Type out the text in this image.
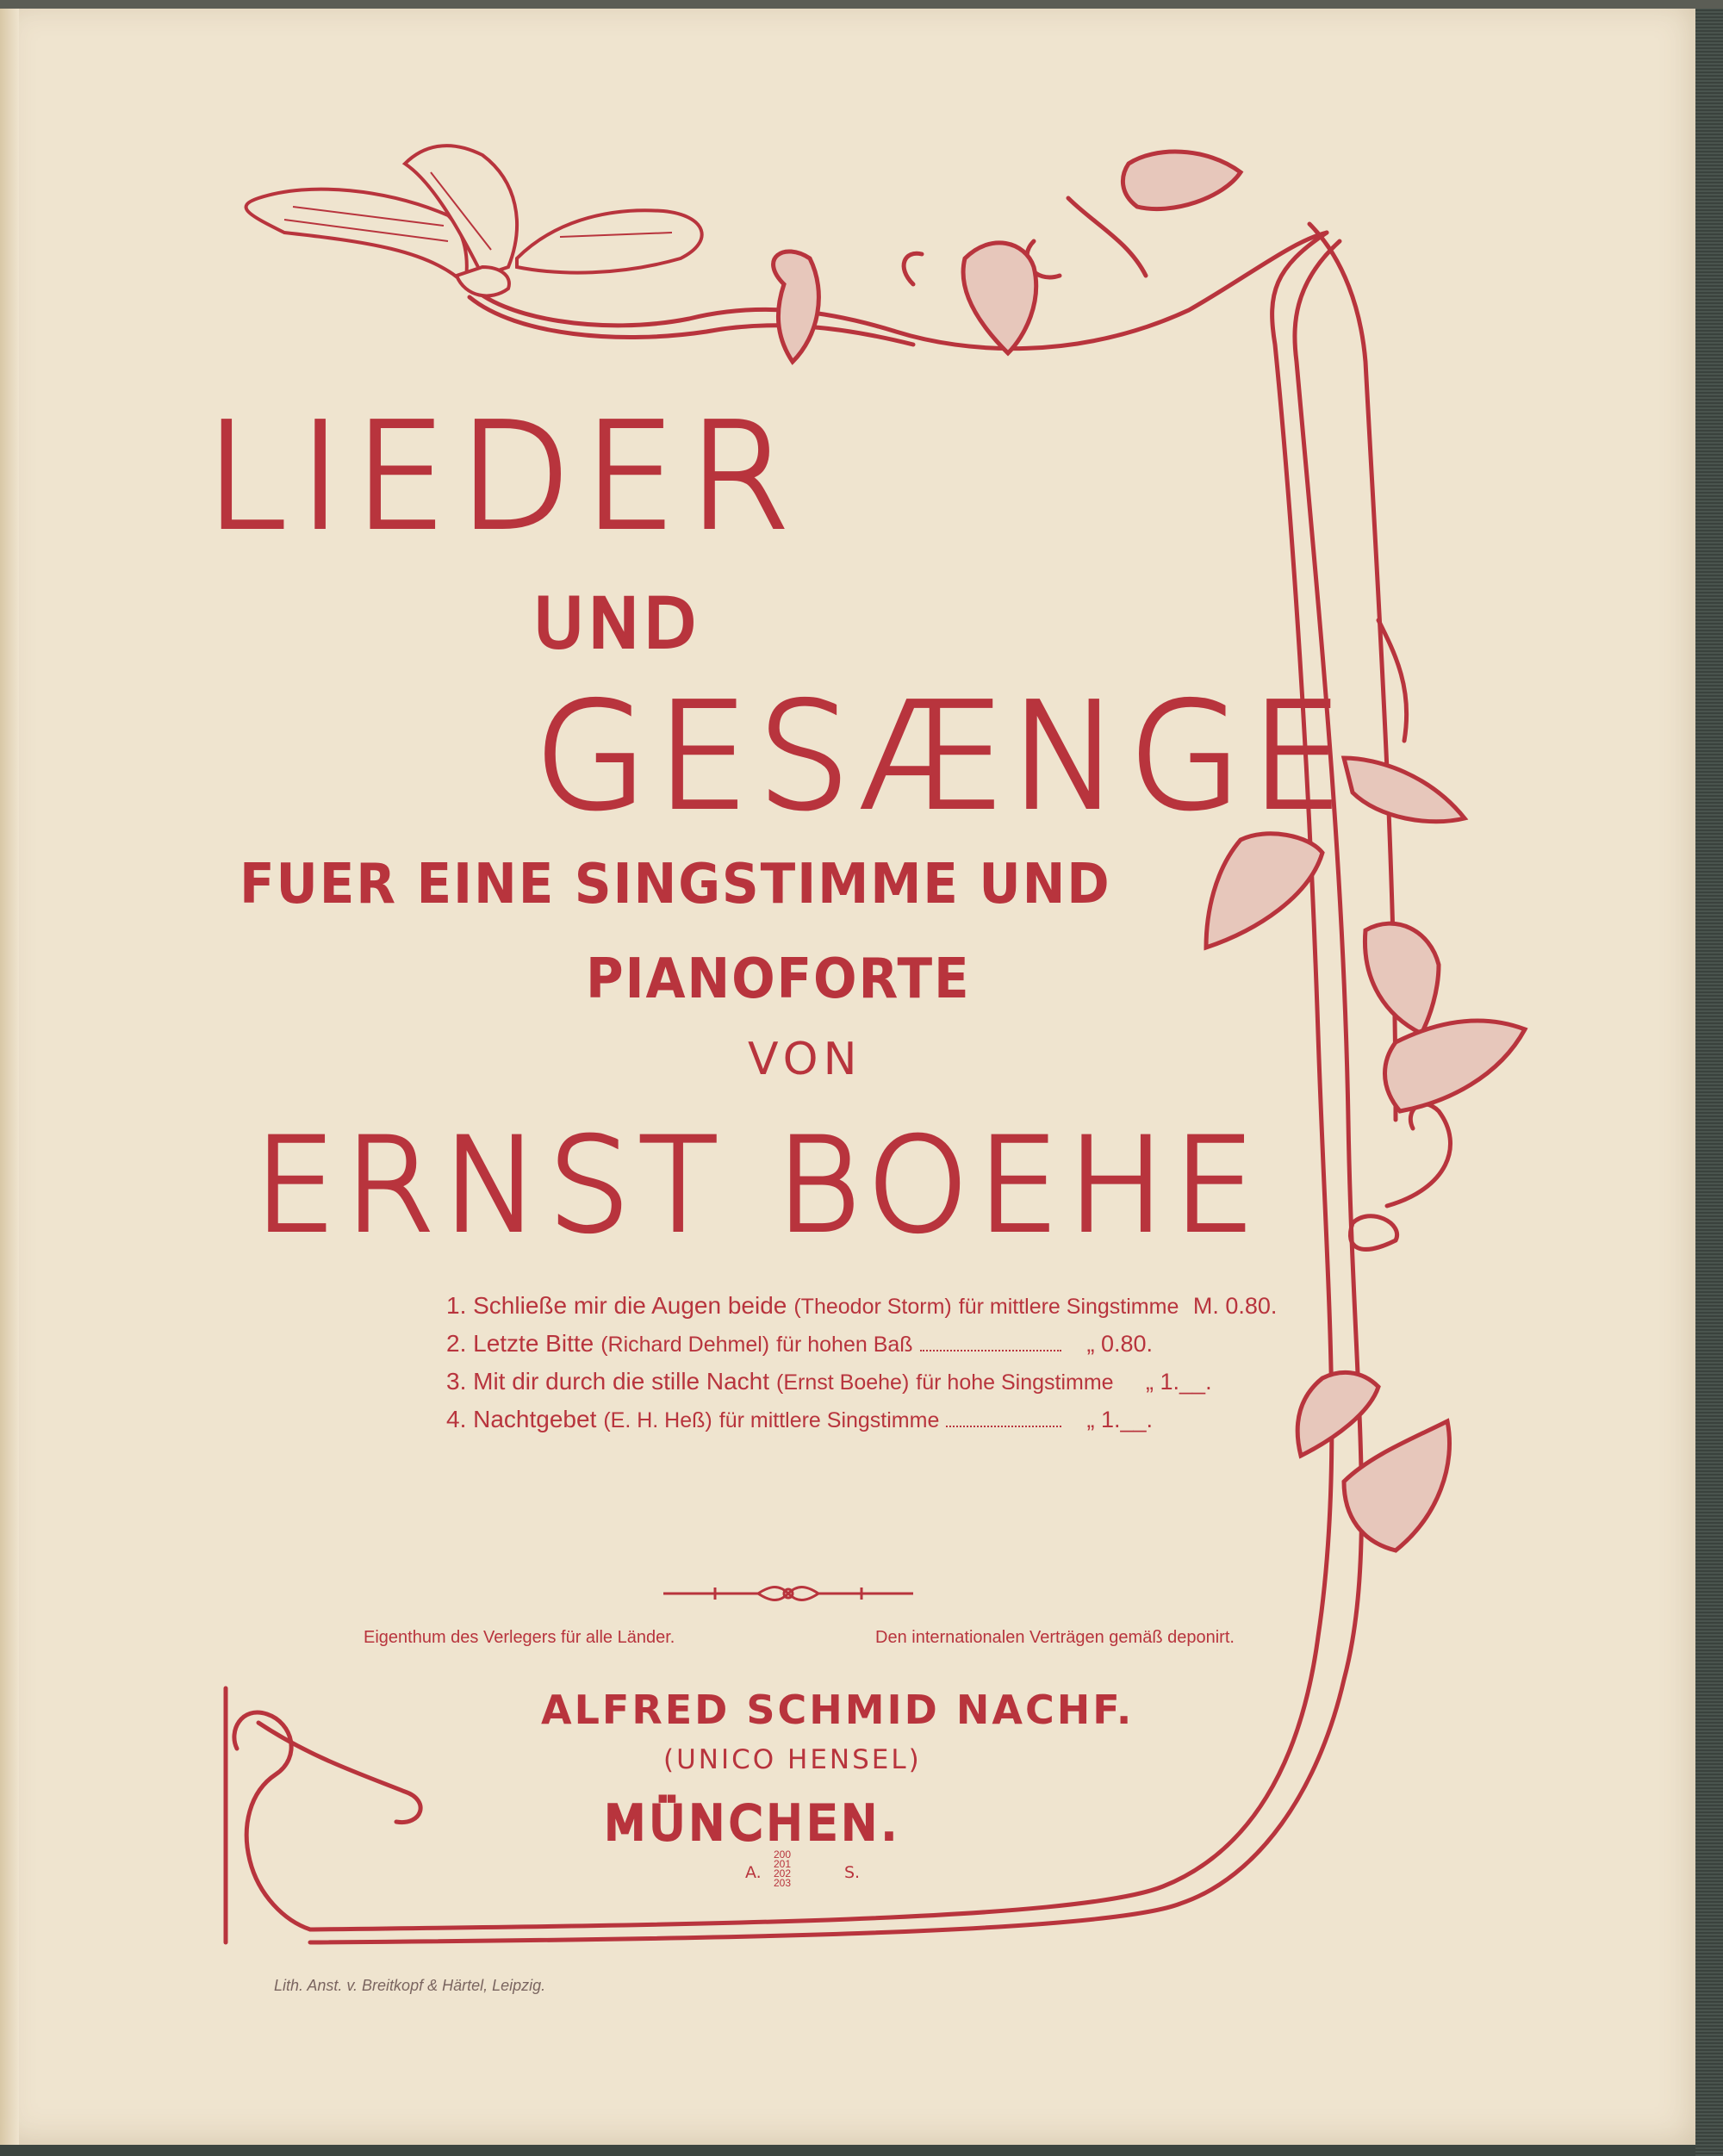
LIEDER
UND
GESÆNGE
FUER EINE SINGSTIMME UND
PIANOFORTE
VON
ERNST BOEHE
1. Schließe mir die Augen beide (Theodor Storm) für mittlere Singstimme M. 0.80.
2. Letzte Bitte (Richard Dehmel) für hohen Baß	„ 0.80.
3. Mit dir durch die stille Nacht (Ernst Boehe) für hohe Singstimme	„ 1.__.
4. Nachtgebet (E. H. Heß) für mittlere Singstimme	„ 1.__.
Eigenthum des Verlegers für alle Länder.	Den internationalen Verträgen gemäß deponirt.
ALFRED SCHMID NACHF.
(UNICO HENSEL)
MÜNCHEN.
A.
200
201
202
203
S.
Lith. Anst. v. Breitkopf & Härtel, Leipzig.
